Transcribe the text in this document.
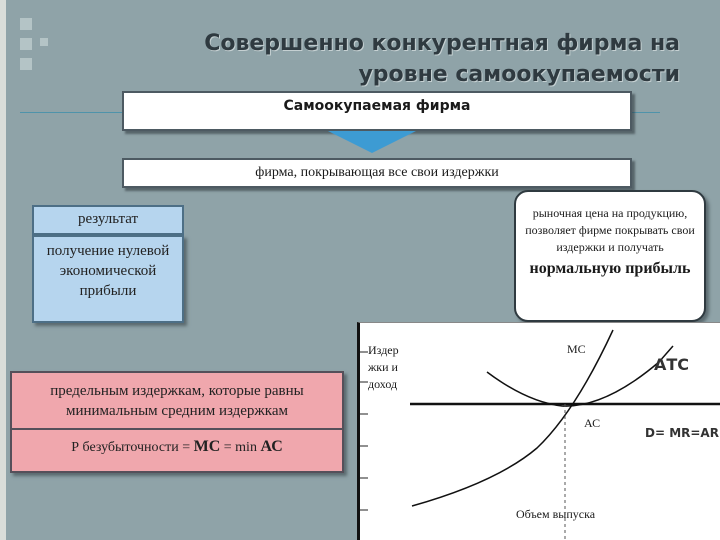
Совершенно конкурентная фирма на уровне самоокупаемости
Самоокупаемая фирма
фирма, покрывающая все свои издержки
результат
получение нулевой экономической прибыли
рыночная цена на продукцию, позволяет фирме покрывать свои издержки и получать
нормальную прибыль
предельным издержкам, которые равны минимальным средним издержкам
Р безубыточности = МС = min АС
Издер жки и доход
МС
АТС
АС
D= MR=AR
Объем выпуска
